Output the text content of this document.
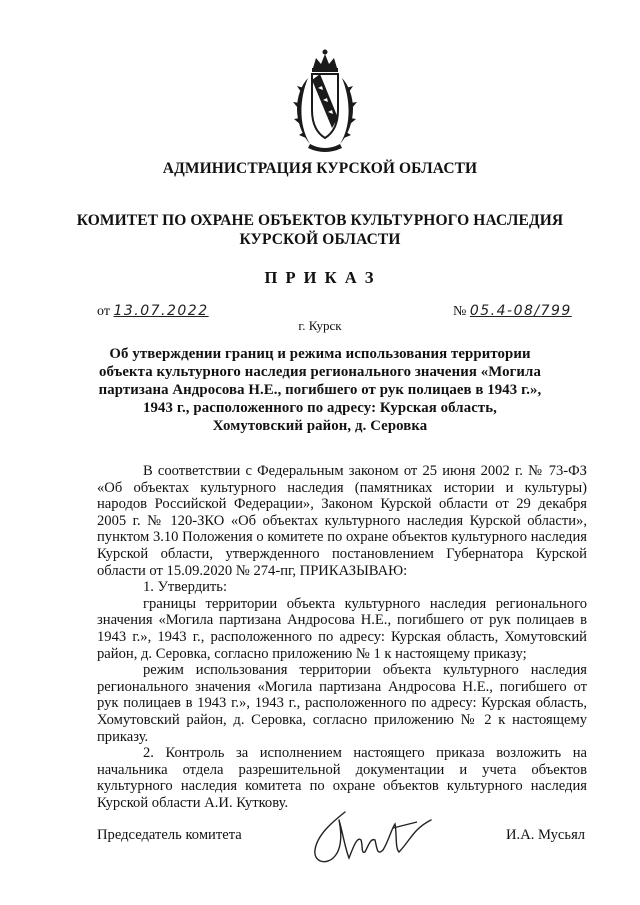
АДМИНИСТРАЦИЯ КУРСКОЙ ОБЛАСТИ
КОМИТЕТ ПО ОХРАНЕ ОБЪЕКТОВ КУЛЬТУРНОГО НАСЛЕДИЯ
КУРСКОЙ ОБЛАСТИ
П Р И К А З
от 13.07.2022	№ 05.4-08/799
г. Курск
Об утверждении границ и режима использования территории
объекта культурного наследия регионального значения «Могила
партизана Андросова Н.Е., погибшего от рук полицаев в 1943 г.»,
1943 г., расположенного по адресу: Курская область,
Хомутовский район, д. Серовка

В соответствии с Федеральным законом от 25 июня 2002 г. № 73-ФЗ «Об объектах культурного наследия (памятниках истории и культуры) народов Российской Федерации», Законом Курской области от 29 декабря 2005 г. № 120-ЗКО «Об объектах культурного наследия Курской области», пунктом 3.10 Положения о комитете по охране объектов культурного наследия Курской области, утвержденного постановлением Губернатора Курской области от 15.09.2020 № 274-пг, ПРИКАЗЫВАЮ:

1. Утвердить:

границы территории объекта культурного наследия регионального значения «Могила партизана Андросова Н.Е., погибшего от рук полицаев в 1943 г.», 1943 г., расположенного по адресу: Курская область, Хомутовский район, д. Серовка, согласно приложению № 1 к настоящему приказу;

режим использования территории объекта культурного наследия регионального значения «Могила партизана Андросова Н.Е., погибшего от рук полицаев в 1943 г.», 1943 г., расположенного по адресу: Курская область, Хомутовский район, д. Серовка, согласно приложению № 2 к настоящему приказу.

2. Контроль за исполнением настоящего приказа возложить на начальника отдела разрешительной документации и учета объектов культурного наследия комитета по охране объектов культурного наследия Курской области А.И. Куткову.

Председатель комитета	И.А. Мусьял
